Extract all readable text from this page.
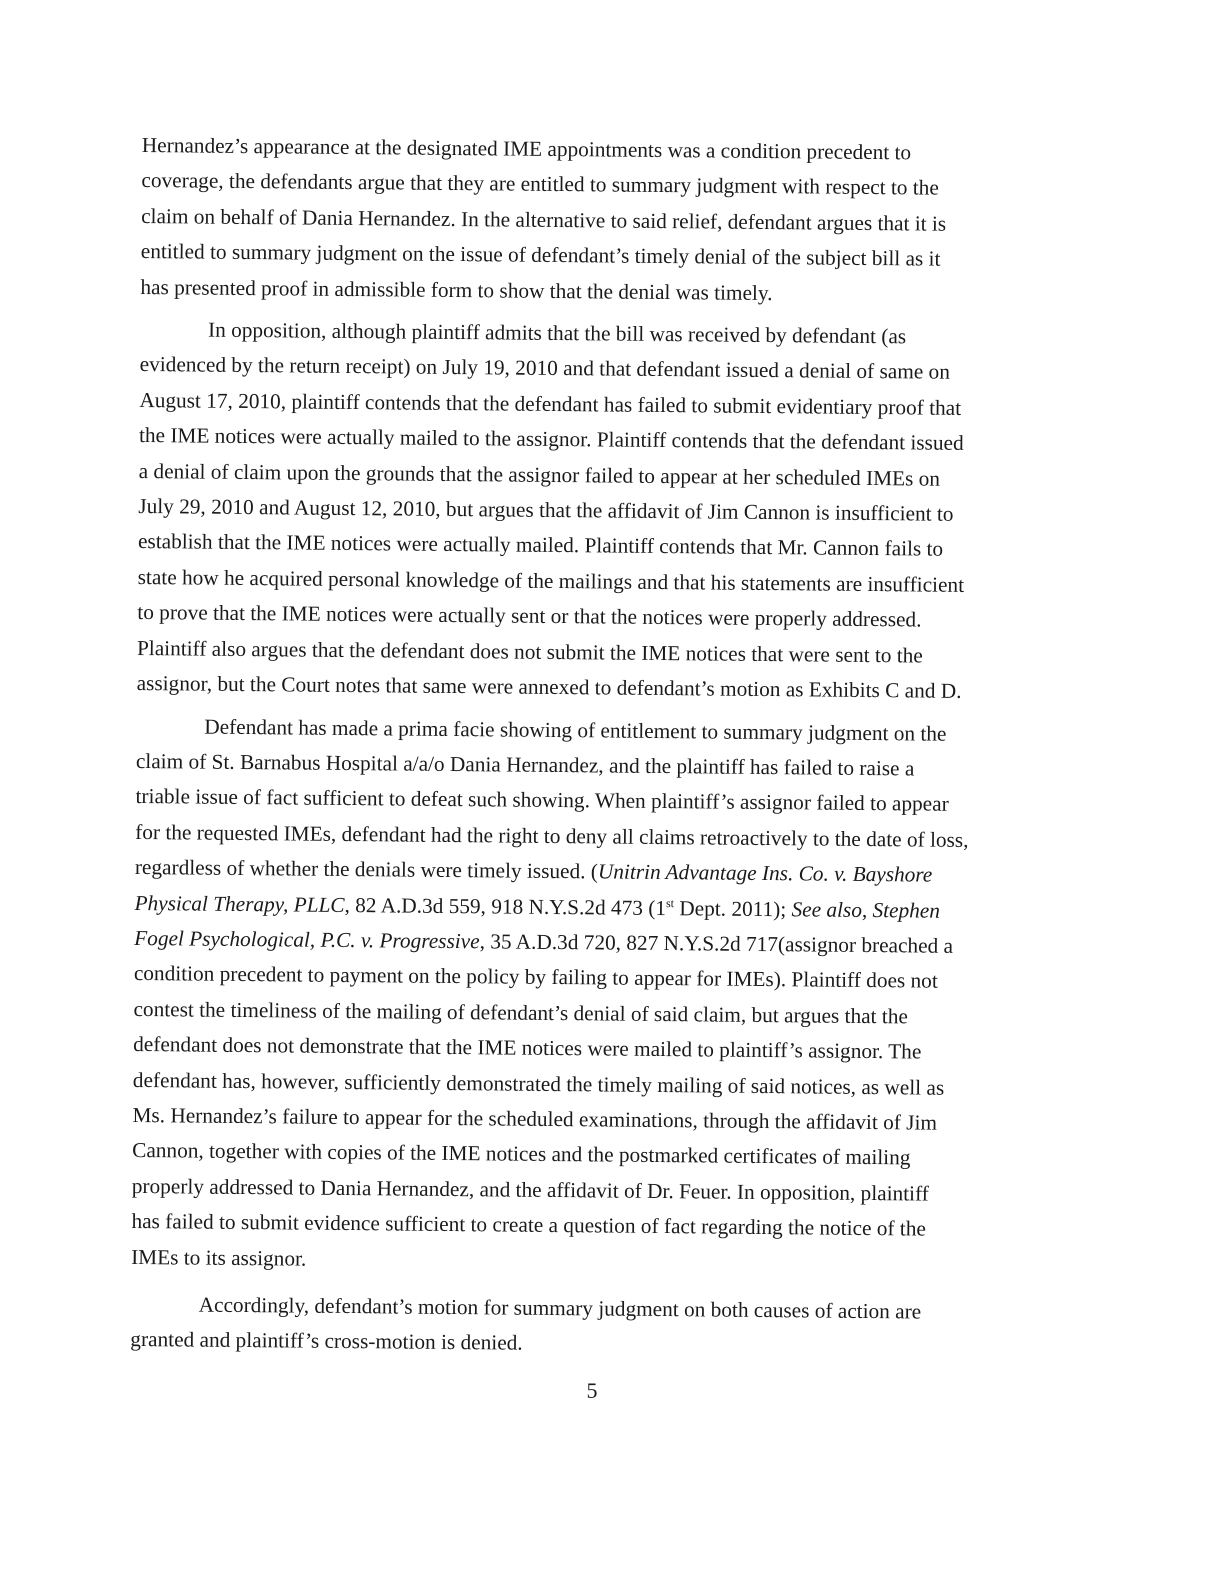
Hernandez’s appearance at the designated IME appointments was a condition precedent to
coverage, the defendants argue that they are entitled to summary judgment with respect to the
claim on behalf of Dania Hernandez. In the alternative to said relief, defendant argues that it is
entitled to summary judgment on the issue of defendant’s timely denial of the subject bill as it
has presented proof in admissible form to show that the denial was timely.
In opposition, although plaintiff admits that the bill was received by defendant (as
evidenced by the return receipt) on July 19, 2010 and that defendant issued a denial of same on
August 17, 2010, plaintiff contends that the defendant has failed to submit evidentiary proof that
the IME notices were actually mailed to the assignor. Plaintiff contends that the defendant issued
a denial of claim upon the grounds that the assignor failed to appear at her scheduled IMEs on
July 29, 2010 and August 12, 2010, but argues that the affidavit of Jim Cannon is insufficient to
establish that the IME notices were actually mailed. Plaintiff contends that Mr. Cannon fails to
state how he acquired personal knowledge of the mailings and that his statements are insufficient
to prove that the IME notices were actually sent or that the notices were properly addressed.
Plaintiff also argues that the defendant does not submit the IME notices that were sent to the
assignor, but the Court notes that same were annexed to defendant’s motion as Exhibits C and D.
Defendant has made a prima facie showing of entitlement to summary judgment on the
claim of St. Barnabus Hospital a/a/o Dania Hernandez, and the plaintiff has failed to raise a
triable issue of fact sufficient to defeat such showing. When plaintiff’s assignor failed to appear
for the requested IMEs, defendant had the right to deny all claims retroactively to the date of loss,
regardless of whether the denials were timely issued. (Unitrin Advantage Ins. Co. v. Bayshore
Physical Therapy, PLLC, 82 A.D.3d 559, 918 N.Y.S.2d 473 (1st Dept. 2011); See also, Stephen
Fogel Psychological, P.C. v. Progressive, 35 A.D.3d 720, 827 N.Y.S.2d 717(assignor breached a
condition precedent to payment on the policy by failing to appear for IMEs). Plaintiff does not
contest the timeliness of the mailing of defendant’s denial of said claim, but argues that the
defendant does not demonstrate that the IME notices were mailed to plaintiff’s assignor. The
defendant has, however, sufficiently demonstrated the timely mailing of said notices, as well as
Ms. Hernandez’s failure to appear for the scheduled examinations, through the affidavit of Jim
Cannon, together with copies of the IME notices and the postmarked certificates of mailing
properly addressed to Dania Hernandez, and the affidavit of Dr. Feuer. In opposition, plaintiff
has failed to submit evidence sufficient to create a question of fact regarding the notice of the
IMEs to its assignor.
Accordingly, defendant’s motion for summary judgment on both causes of action are
granted and plaintiff’s cross-motion is denied.
5
